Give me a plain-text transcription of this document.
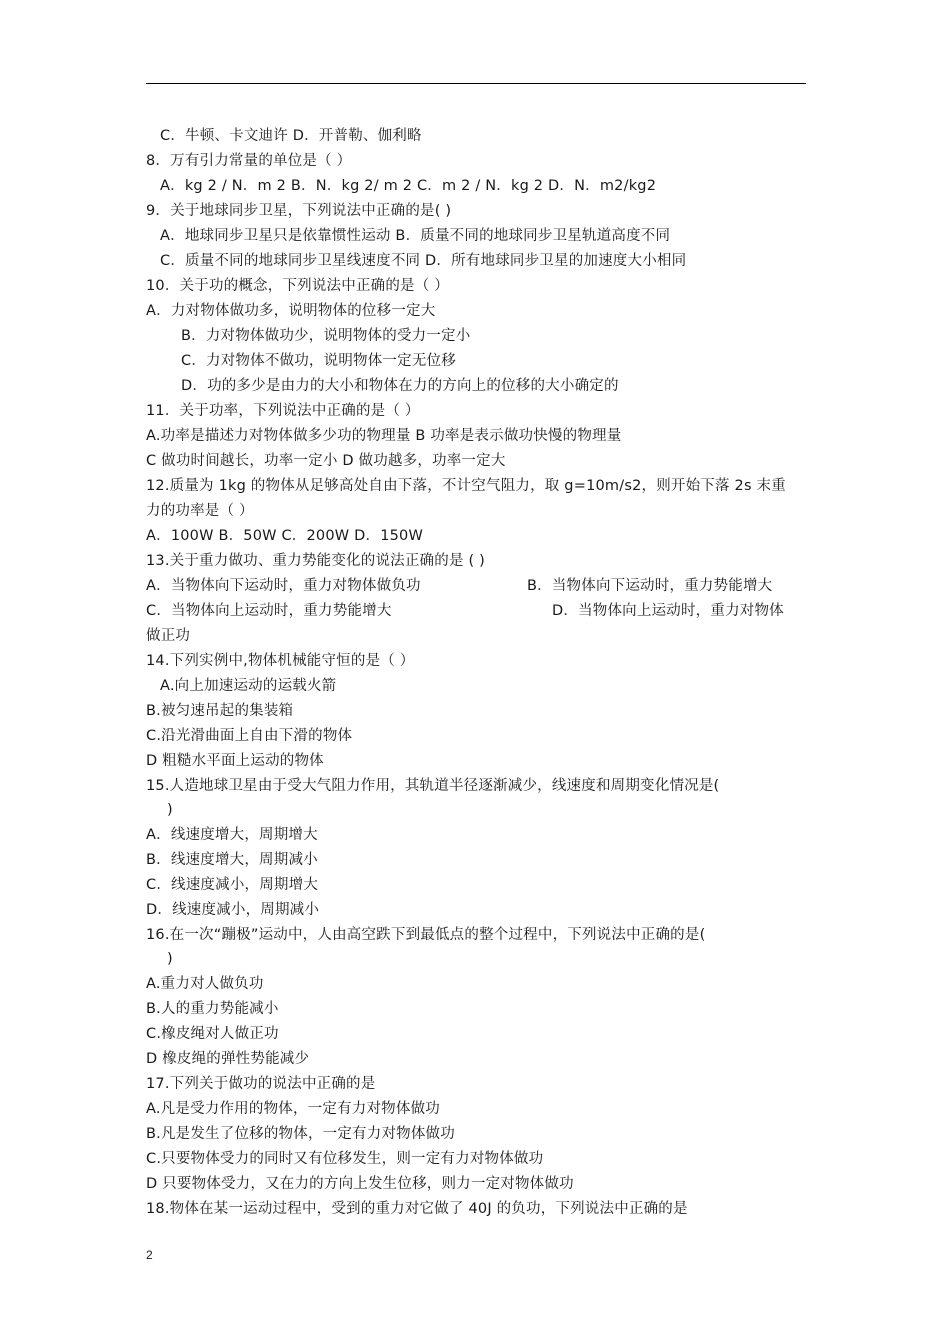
C．牛顿、卡文迪许 D．开普勒、伽利略
8．万有引力常量的单位是（ ）
A．kg 2 / N．m 2 B．N．kg 2/ m 2 C．m 2 / N．kg 2 D．N．m2/kg2
9．关于地球同步卫星，下列说法中正确的是( )
A．地球同步卫星只是依靠惯性运动 B．质量不同的地球同步卫星轨道高度不同
C．质量不同的地球同步卫星线速度不同 D．所有地球同步卫星的加速度大小相同
10．关于功的概念，下列说法中正确的是（ ）
A．力对物体做功多，说明物体的位移一定大
B．力对物体做功少，说明物体的受力一定小
C．力对物体不做功，说明物体一定无位移
D．功的多少是由力的大小和物体在力的方向上的位移的大小确定的
11．关于功率，下列说法中正确的是（ ）
A.功率是描述力对物体做多少功的物理量 B 功率是表示做功快慢的物理量
C 做功时间越长，功率一定小 D 做功越多，功率一定大
12.质量为 1kg 的物体从足够高处自由下落，不计空气阻力，取 g=10m/s2，则开始下落 2s 末重
力的功率是（ ）
A．100W B．50W C．200W D．150W
13.关于重力做功、重力势能变化的说法正确的是 ( )
A．当物体向下运动时，重力对物体做负功	B．当物体向下运动时，重力势能增大
C．当物体向上运动时，重力势能增大	D．当物体向上运动时，重力对物体
做正功
14.下列实例中,物体机械能守恒的是（ ）
A.向上加速运动的运载火箭
B.被匀速吊起的集装箱
C.沿光滑曲面上自由下滑的物体
D 粗糙水平面上运动的物体
15.人造地球卫星由于受大气阻力作用，其轨道半径逐渐减少，线速度和周期变化情况是(
)
A．线速度增大，周期增大
B．线速度增大，周期减小
C．线速度减小，周期增大
D．线速度减小，周期减小
16.在一次“蹦极”运动中，人由高空跌下到最低点的整个过程中，下列说法中正确的是(
)
A.重力对人做负功
B.人的重力势能减小
C.橡皮绳对人做正功
D 橡皮绳的弹性势能减少
17.下列关于做功的说法中正确的是
A.凡是受力作用的物体，一定有力对物体做功
B.凡是发生了位移的物体，一定有力对物体做功
C.只要物体受力的同时又有位移发生，则一定有力对物体做功
D 只要物体受力，又在力的方向上发生位移，则力一定对物体做功
18.物体在某一运动过程中，受到的重力对它做了 40J 的负功，下列说法中正确的是
2
